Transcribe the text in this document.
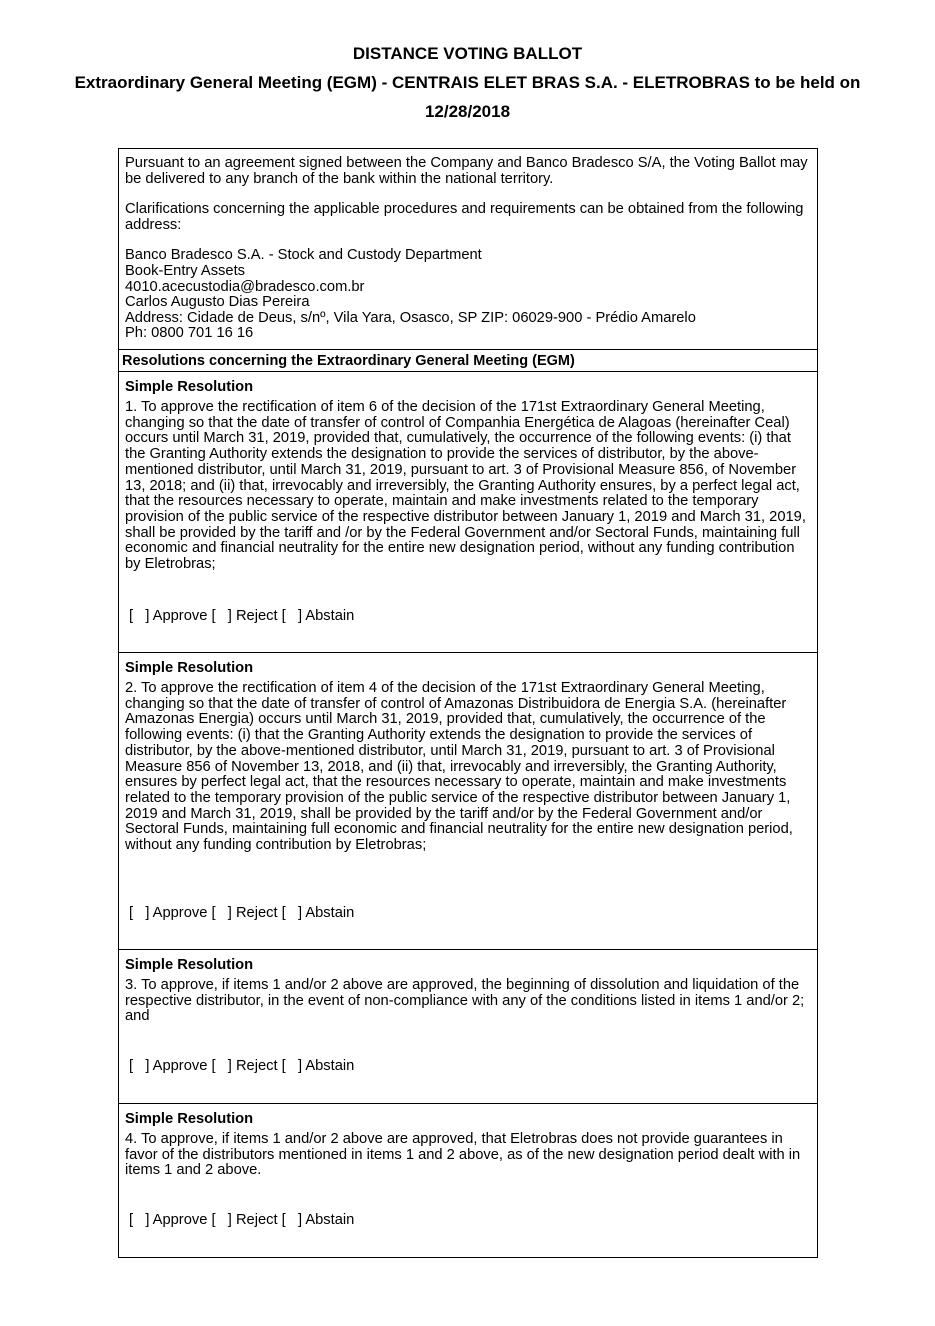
DISTANCE VOTING BALLOT
Extraordinary General Meeting (EGM) - CENTRAIS ELET BRAS S.A. - ELETROBRAS to be held on
12/28/2018

Pursuant to an agreement signed between the Company and Banco Bradesco S/A, the Voting Ballot may be delivered to any branch of the bank within the national territory.

Clarifications concerning the applicable procedures and requirements can be obtained from the following address:

Banco Bradesco S.A. - Stock and Custody Department

Book-Entry Assets

4010.acecustodia@bradesco.com.br

Carlos Augusto Dias Pereira

Address: Cidade de Deus, s/nº, Vila Yara, Osasco, SP ZIP: 06029-900 - Prédio Amarelo

Ph: 0800 701 16 16

Resolutions concerning the Extraordinary General Meeting (EGM)

Simple Resolution

1. To approve the rectification of item 6 of the decision of the 171st Extraordinary General Meeting, changing so that the date of transfer of control of Companhia Energética de Alagoas (hereinafter Ceal) occurs until March 31, 2019, provided that, cumulatively, the occurrence of the following events: (i) that the Granting Authority extends the designation to provide the services of distributor, by the above-mentioned distributor, until March 31, 2019, pursuant to art. 3 of Provisional Measure 856, of November 13, 2018; and (ii) that, irrevocably and irreversibly, the Granting Authority ensures, by a perfect legal act, that the resources necessary to operate, maintain and make investments related to the temporary provision of the public service of the respective distributor between January 1, 2019 and March 31, 2019, shall be provided by the tariff and /or by the Federal Government and/or Sectoral Funds, maintaining full economic and financial neutrality for the entire new designation period, without any funding contribution by Eletrobras;

[   ] Approve [   ] Reject [   ] Abstain

Simple Resolution

2. To approve the rectification of item 4 of the decision of the 171st Extraordinary General Meeting, changing so that the date of transfer of control of Amazonas Distribuidora de Energia S.A. (hereinafter Amazonas Energia) occurs until March 31, 2019, provided that, cumulatively, the occurrence of the following events: (i) that the Granting Authority extends the designation to provide the services of distributor, by the above-mentioned distributor, until March 31, 2019, pursuant to art. 3 of Provisional Measure 856 of November 13, 2018, and (ii) that, irrevocably and irreversibly, the Granting Authority, ensures by perfect legal act, that the resources necessary to operate, maintain and make investments related to the temporary provision of the public service of the respective distributor between January 1, 2019 and March 31, 2019, shall be provided by the tariff and/or by the Federal Government and/or Sectoral Funds, maintaining full economic and financial neutrality for the entire new designation period, without any funding contribution by Eletrobras;

[   ] Approve [   ] Reject [   ] Abstain

Simple Resolution

3. To approve, if items 1 and/or 2 above are approved, the beginning of dissolution and liquidation of the respective distributor, in the event of non-compliance with any of the conditions listed in items 1 and/or 2; and

[   ] Approve [   ] Reject [   ] Abstain

Simple Resolution

4. To approve, if items 1 and/or 2 above are approved, that Eletrobras does not provide guarantees in favor of the distributors mentioned in items 1 and 2 above, as of the new designation period dealt with in items 1 and 2 above.

[   ] Approve [   ] Reject [   ] Abstain
